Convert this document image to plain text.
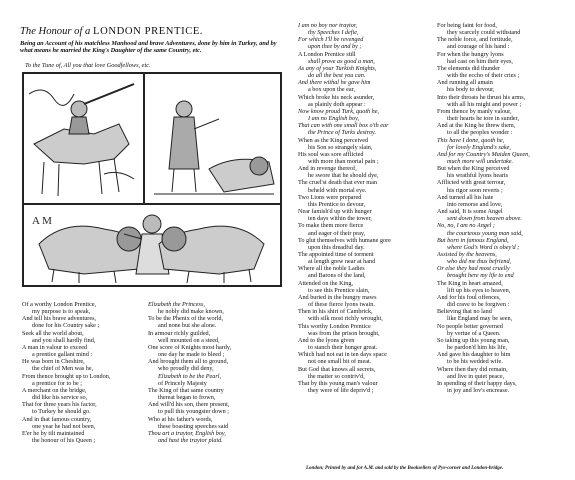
The Honour of a LONDON PRENTICE.
Being an Account of his matchless Manhood and brave Adventures, done by him in Turkey, and by what means he married the King's Daughter of the same Country, etc.
To the Tune of, All you that love Goodfellows, etc.
A M
Of a worthy London Prentice,
my purpose is to speak,
And tell his brave adventures,
done for his Country sake ;
Seek all the world about,
and you shall hardly find,
A man in valour to exceed
a prentice gallant mind :
He was born in Cheshire,
the chief of Men was he,
From thence brought up to London,
a prentice for to be ;
A merchant on the bridge,
did like his service so,
That for three years his factor,
to Turkey he should go.
And in that famous country,
one year he had not been,
E'er he by tilt maintained
the honour of his Queen ;
Elizabeth the Princess,
he nobly did make known,
To be the Phenix of the world,
and none but she alone.
In armour richly guilded,
well mounted on a steed,
One score of Knights most hardy,
one day he made to bleed ;
And brought them all to ground,
who proudly did deny,
Elizabeth to be the Pearl,
of Princely Majesty
The King of that same country
thereat began to frown,
And will'd his son, there present,
to pull this youngster down ;
Who at his father's words,
these boasting speeches said
Thou art a traytor, English boy,
and hast the traytor plaid.
I am no boy nor traytor,
thy Speeches I defie,
For which I'll be revenged
upon thee by and by ;
A London Prentice still
shall prove as good a man,
As any of your Turkish Knights,
do all the best you can.
And there withal he gave him
a box upon the ear,
Which broke his neck asunder,
as plainly doth appear :
Now know proud Turk, quoth he,
I am no English boy,
That can with one small box o'th ear
the Prince of Turks destroy.
When as the King perceived
his Son so strangely slain,
His soul was sore afflicted
with more than mortal pain ;
And in revenge thereof,
he swore that he should dye,
The cruel'st death that ever man
beheld with mortal eye.
Two Lions were prepared
this Prentice to devour,
Near famish'd up with hunger
ten days within the tower,
To make them more fierce
and eager of their pray,
To glut themselves with humane gore
upon this dreadful day.
The appointed time of torment
at length grew near at hand
Where all the noble Ladies
and Barons of the land,
Attended on the King,
to see this Prentice slain,
And buried in the hungry maws
of these fierce lyons twain.
Then in his shirt of Cambrick,
with silk most richly wrought,
This worthy London Prentice
was from the prison brought,
And to the lyons given
to stanch their hunger great.
Which had not eat in ten days space
not one small bit of meat.
But God that knows all secrets,
the matter so contriv'd,
That by this young man's valour
they were of life depriv'd ;
For being faint for food,
they scarcely could withstand
The noble force, and fortitude,
and courage of his hand :
For when the hungry lyons
had cast on him their eyes,
The elements did thunder
with the eccho of their cries ;
And running all amain
his body to devour,
Into their throats he thrust his arms,
with all his might and power ;
From thence by manly valour,
their hearts he tore in sunder,
And at the King he threw them,
to all the peoples wonder :
This have I done, quoth he,
for lovely England's sake,
And for my Country's Maiden Queen,
much more will undertake.
But when the King perceived
his wrathful lyons hearts
Afflicted with great terrour,
his rigor soon reverts ;
And turned all his hate
into remorse and love,
And said, It is some Angel
sent down from heaven above.
No, no, I am no Angel ;
the courteous young man said,
But born in famous England,
where God's Word is obey'd ;
Assisted by the heavens,
who did me thus befriend,
Or else they had most cruelly
brought here my life to end
The King in heart amazed,
lift up his eyes to heaven,
And for his foul offences,
did crave to be forgiven :
Believing that no land
like England may be seen,
No people better governed
by vertue of a Queen.
So taking up this young man,
he pardon'd him his life,
And gave his daughter to him
to be his wedded wife.
Where then they did remain,
and live in quiet peace,
In spending of their happy days,
in joy and lov's encrease.
London; Printed by and for A.M. and sold by the Booksellers of Pye-corner and London-bridge.
